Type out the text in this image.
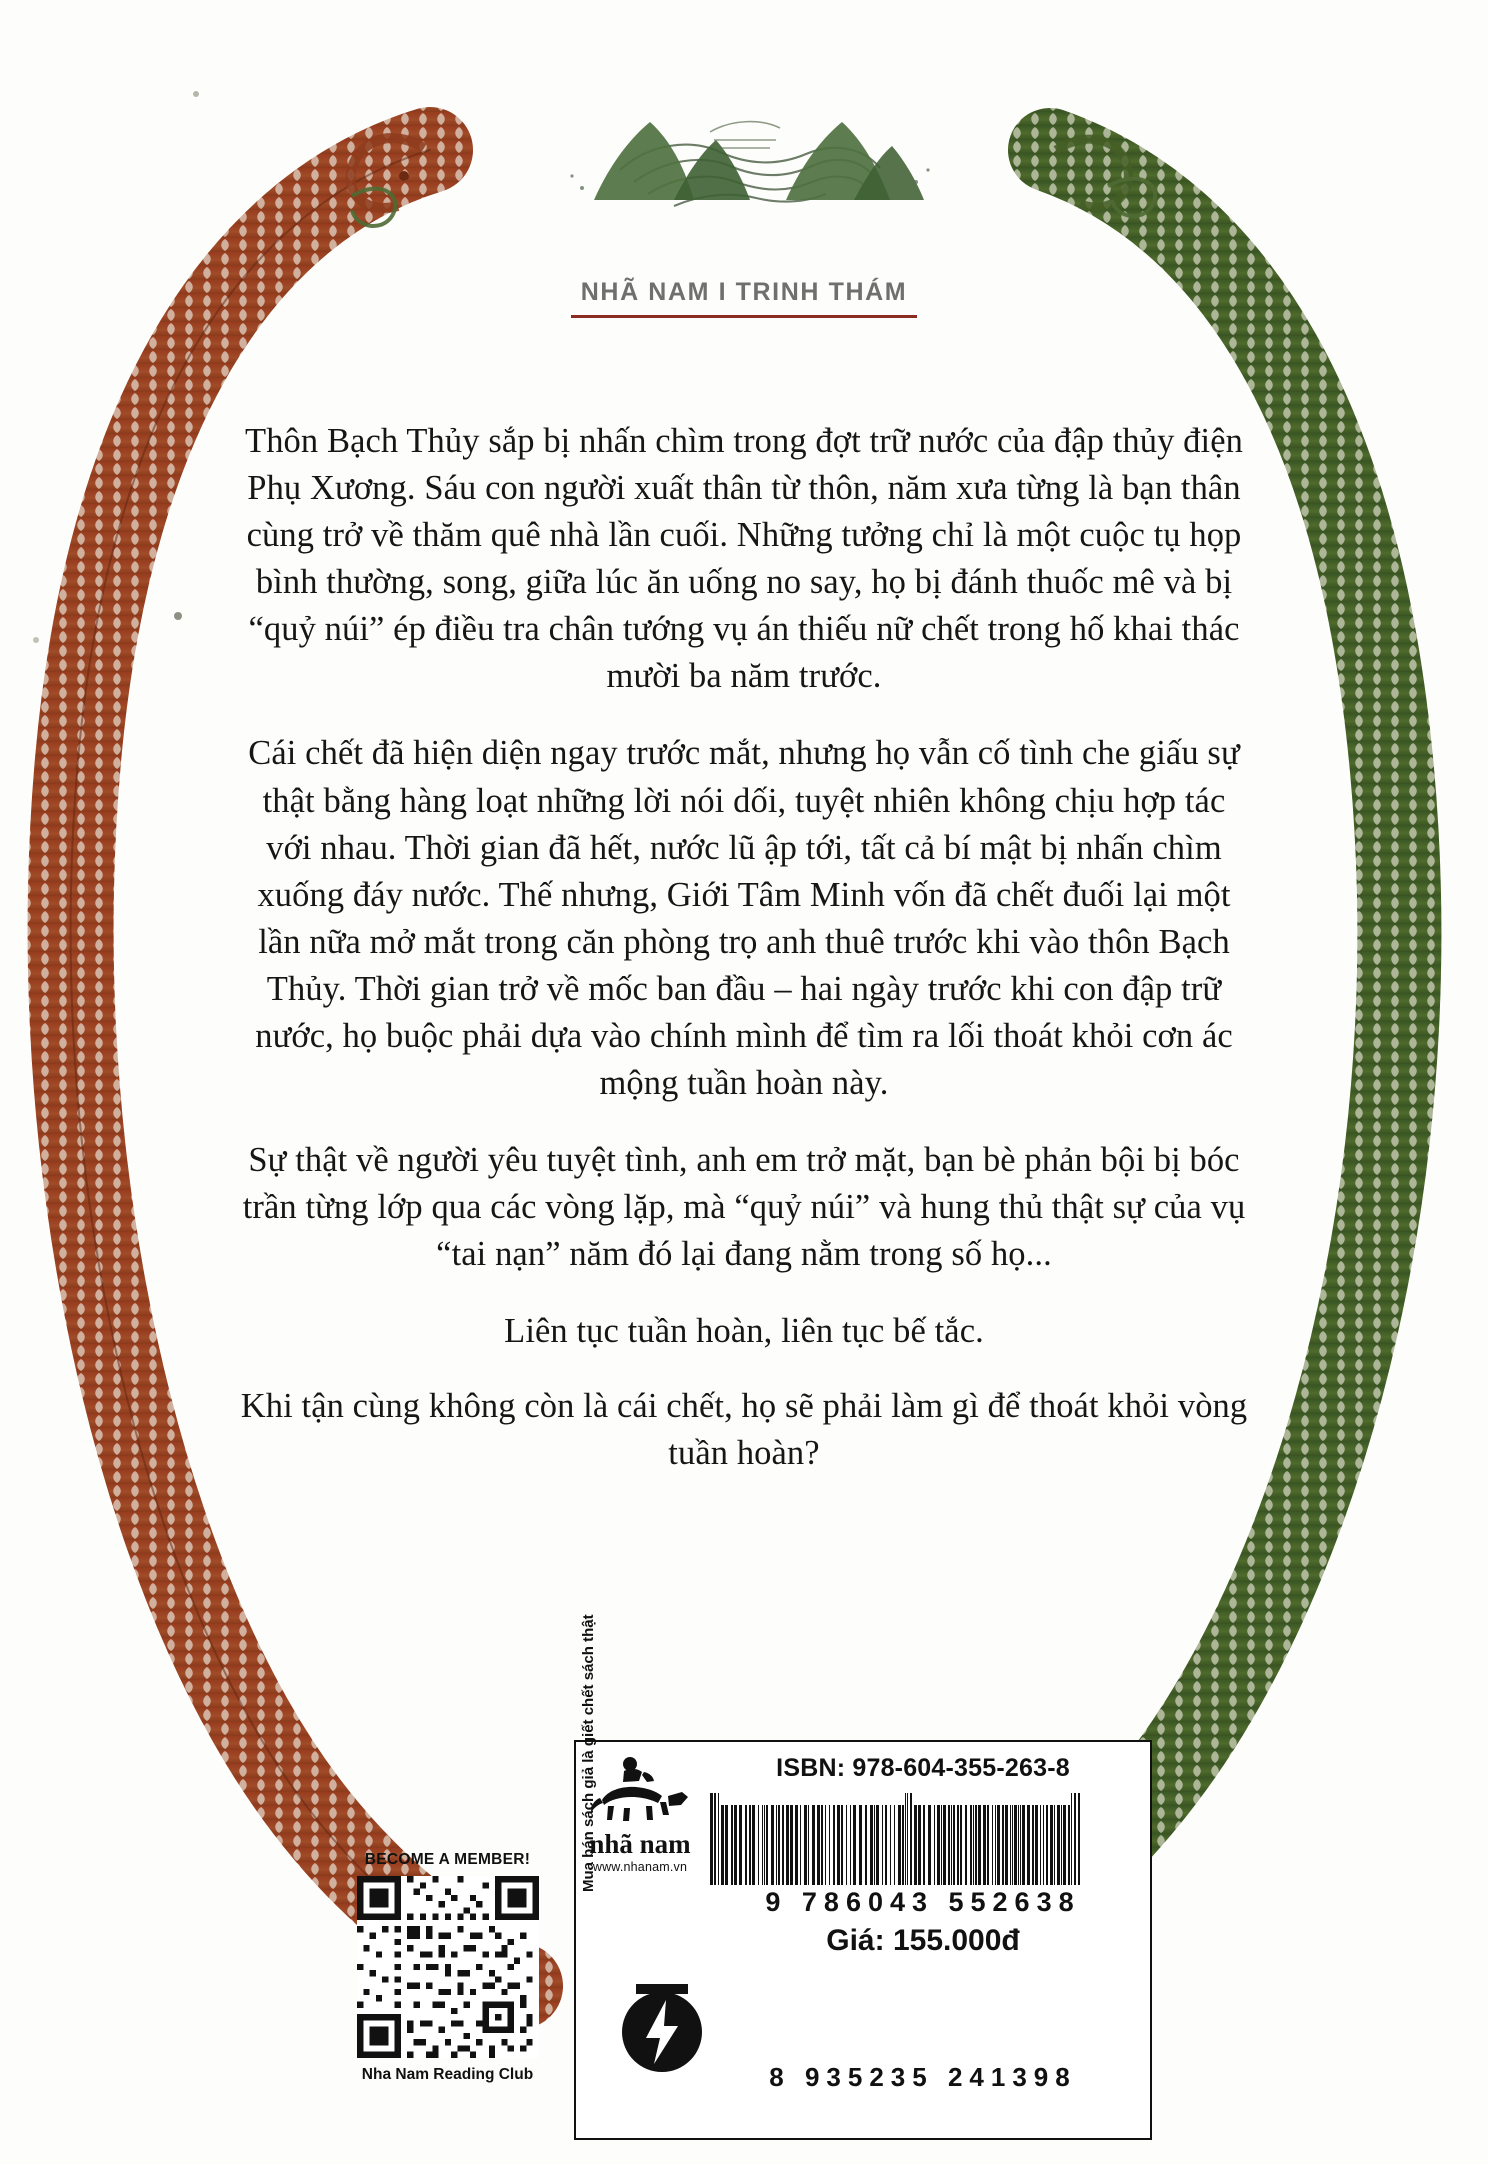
NHÃ NAM I TRINH THÁM

Thôn Bạch Thủy sắp bị nhấn chìm trong đợt trữ nước của đập thủy điện Phụ Xương. Sáu con người xuất thân từ thôn, năm xưa từng là bạn thân cùng trở về thăm quê nhà lần cuối. Những tưởng chỉ là một cuộc tụ họp bình thường, song, giữa lúc ăn uống no say, họ bị đánh thuốc mê và bị “quỷ núi” ép điều tra chân tướng vụ án thiếu nữ chết trong hố khai thác mười ba năm trước.

Cái chết đã hiện diện ngay trước mắt, nhưng họ vẫn cố tình che giấu sự thật bằng hàng loạt những lời nói dối, tuyệt nhiên không chịu hợp tác với nhau. Thời gian đã hết, nước lũ ập tới, tất cả bí mật bị nhấn chìm xuống đáy nước. Thế nhưng, Giới Tâm Minh vốn đã chết đuối lại một lần nữa mở mắt trong căn phòng trọ anh thuê trước khi vào thôn Bạch Thủy. Thời gian trở về mốc ban đầu – hai ngày trước khi con đập trữ nước, họ buộc phải dựa vào chính mình để tìm ra lối thoát khỏi cơn ác mộng tuần hoàn này.

Sự thật về người yêu tuyệt tình, anh em trở mặt, bạn bè phản bội bị bóc trần từng lớp qua các vòng lặp, mà “quỷ núi” và hung thủ thật sự của vụ “tai nạn” năm đó lại đang nằm trong số họ...

Liên tục tuần hoàn, liên tục bế tắc.

Khi tận cùng không còn là cái chết, họ sẽ phải làm gì để thoát khỏi vòng tuần hoàn?

BECOME A MEMBER!
Nha Nam Reading Club
nhã nam
www.nhanam.vn
Mua bán sách giả là giết chết sách thật	ISBN: 978-604-355-263-8
9 786043 552638
Giá: 155.000đ
8 935235 241398
